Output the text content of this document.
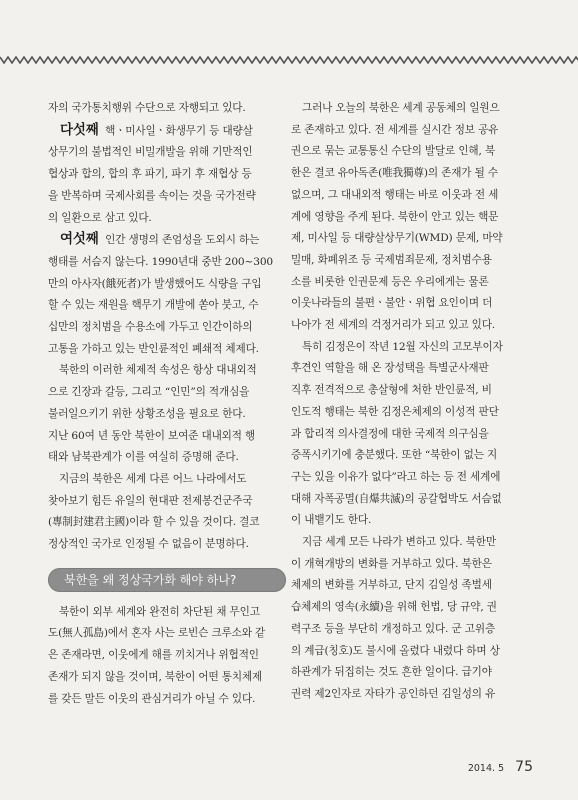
자의 국가통치행위 수단으로 자행되고 있다.
다섯째 핵ㆍ미사일ㆍ화생무기 등 대량살
상무기의 불법적인 비밀개발을 위해 기만적인
협상과 합의, 합의 후 파기, 파기 후 재협상 등
을 반복하며 국제사회를 속이는 것을 국가전략
의 일환으로 삼고 있다.
여섯째 인간 생명의 존엄성을 도외시 하는
행태를 서슴지 않는다. 1990년대 중반 200~300
만의 아사자(餓死者)가 발생했어도 식량을 구입
할 수 있는 재원을 핵무기 개발에 쏟아 붓고, 수
십만의 정치범을 수용소에 가두고 인간이하의
고통을 가하고 있는 반인륜적인 폐쇄적 체제다.
북한의 이러한 체제적 속성은 항상 대내외적
으로 긴장과 갈등, 그리고 “인민”의 적개심을
불러일으키기 위한 상황조성을 필요로 한다.
지난 60여 년 동안 북한이 보여준 대내외적 행
태와 남북관계가 이를 여실히 증명해 준다.
지금의 북한은 세계 다른 어느 나라에서도
찾아보기 힘든 유일의 현대판 전제봉건군주국
(專制封建君主國)이라 할 수 있을 것이다. 결코
정상적인 국가로 인정될 수 없음이 분명하다.
북한을 왜 정상국가화 해야 하나?
북한이 외부 세계와 완전히 차단된 채 무인고
도(無人孤島)에서 혼자 사는 로빈슨 크루소와 같
은 존재라면, 이웃에게 해를 끼치거나 위협적인
존재가 되지 않을 것이며, 북한이 어떤 통치체제
를 갖든 말든 이웃의 관심거리가 아닐 수 있다.
그러나 오늘의 북한은 세계 공동체의 일원으
로 존재하고 있다. 전 세계를 실시간 정보 공유
권으로 묶는 교통통신 수단의 발달로 인해, 북
한은 결코 유아독존(唯我獨尊)의 존재가 될 수
없으며, 그 대내외적 행태는 바로 이웃과 전 세
계에 영향을 주게 된다. 북한이 안고 있는 핵문
제, 미사일 등 대량살상무기(WMD) 문제, 마약
밀매, 화폐위조 등 국제범죄문제, 정치범수용
소를 비롯한 인권문제 등은 우리에게는 물론
이웃나라들의 불편ㆍ불안ㆍ위협 요인이며 더
나아가 전 세계의 걱정거리가 되고 있고 있다.
특히 김정은이 작년 12월 자신의 고모부이자
후견인 역할을 해 온 장성택을 특별군사재판
직후 전격적으로 총살형에 처한 반인륜적, 비
인도적 행태는 북한 김정은체제의 이성적 판단
과 합리적 의사결정에 대한 국제적 의구심을
증폭시키기에 충분했다. 또한 “북한이 없는 지
구는 있을 이유가 없다”라고 하는 등 전 세계에
대해 자폭공멸(自爆共滅)의 공갈협박도 서슴없
이 내뱉기도 한다.
지금 세계 모든 나라가 변하고 있다. 북한만
이 개혁개방의 변화를 거부하고 있다. 북한은
체제의 변화를 거부하고, 단지 김일성 족벌세
습체제의 영속(永續)을 위해 헌법, 당 규약, 권
력구조 등을 부단히 개정하고 있다. 군 고위층
의 계급(칭호)도 불시에 올렸다 내렸다 하며 상
하관계가 뒤집히는 것도 흔한 일이다. 급기야
권력 제2인자로 자타가 공인하던 김일성의 유
2014. 5 75
